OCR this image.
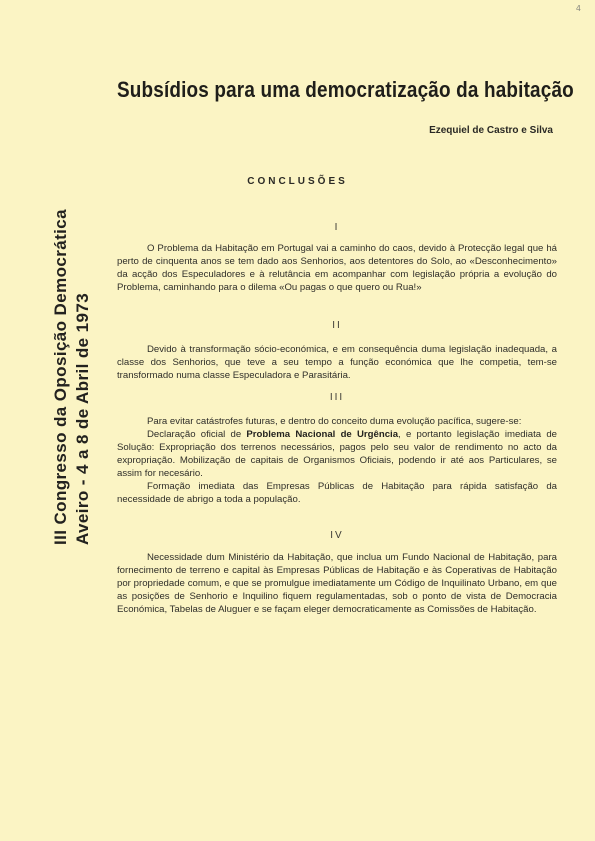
4
Subsídios para uma democratização da habitação
Ezequiel de Castro e Silva
CONCLUSÕES
III Congresso da Oposição Democrática Aveiro - 4 a 8 de Abril de 1973
I

O Problema da Habitação em Portugal vai a caminho do caos, devido à Protecção legal que há perto de cinquenta anos se tem dado aos Senhorios, aos detentores do Solo, ao «Desconhecimento» da acção dos Especuladores e à relutância em acompanhar com legislação própria a evolução do Problema, caminhando para o dilema «Ou pagas o que quero ou Rua!»

II

Devido à transformação sócio-económica, e em consequência duma legislação inadequada, a classe dos Senhorios, que teve a seu tempo a função económica que lhe competia, tem-se transformado numa classe Especuladora e Parasitária.

III

Para evitar catástrofes futuras, e dentro do conceito duma evolução pacífica, sugere-se:

Declaração oficial de Problema Nacional de Urgência, e portanto legislação imediata de Solução: Expropriação dos terrenos necessários, pagos pelo seu valor de rendimento no acto da expropriação. Mobilização de capitais de Organismos Oficiais, podendo ir até aos Particulares, se assim for necesário.

Formação imediata das Empresas Públicas de Habitação para rápida satisfação da necessidade de abrigo a toda a população.

IV

Necessidade dum Ministério da Habitação, que inclua um Fundo Nacional de Habitação, para fornecimento de terreno e capital às Empresas Públicas de Habitação e às Coperativas de Habitação por propriedade comum, e que se promulgue imediatamente um Código de Inquilinato Urbano, em que as posições de Senhorio e Inquilino fiquem regulamentadas, sob o ponto de vista de Democracia Económica, Tabelas de Aluguer e se façam eleger democraticamente as Comissões de Habitação.
